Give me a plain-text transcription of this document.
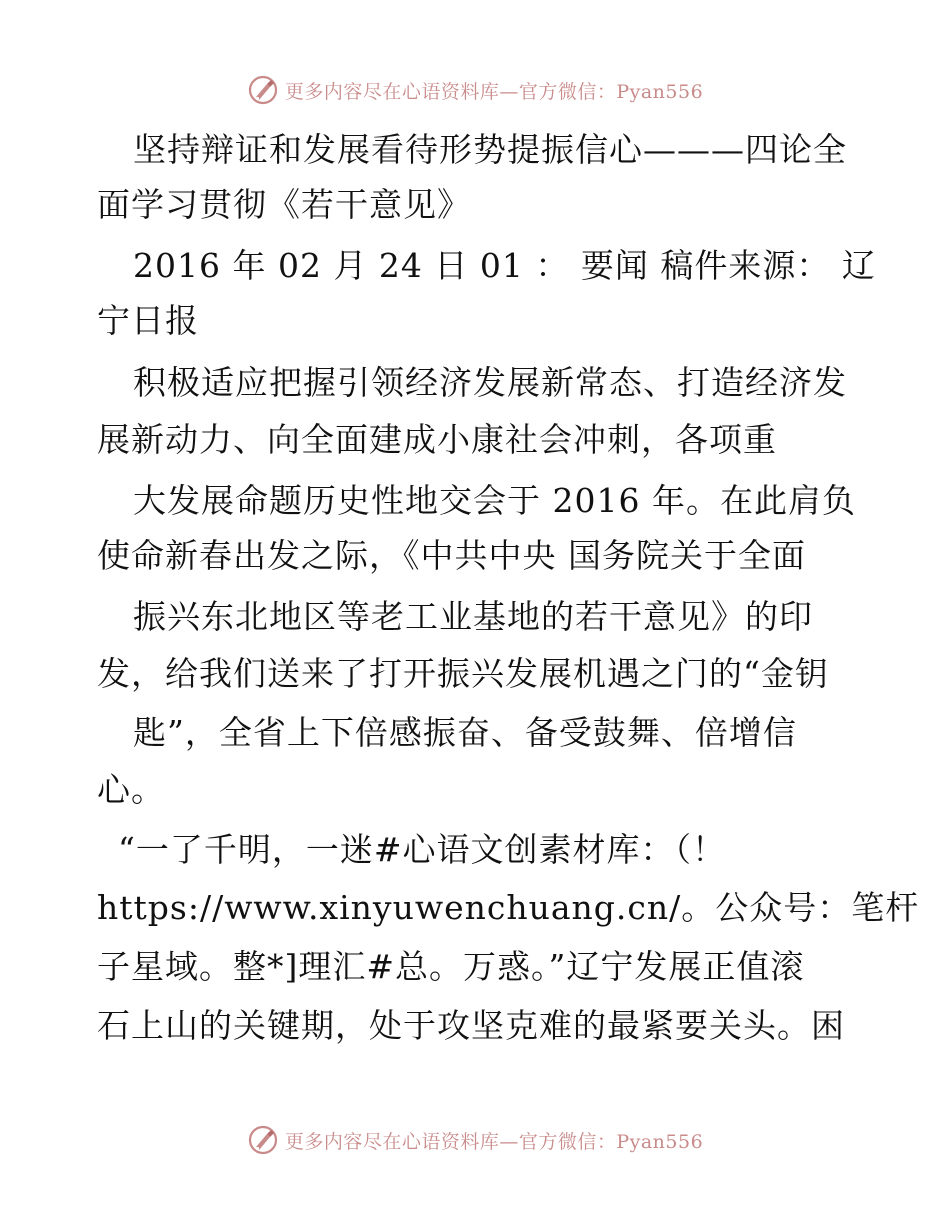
更多内容尽在心语资料库—官方微信：Pyan556
坚持辩证和发展看待形势提振信心———四论全
面学习贯彻《若干意见》
2016 年 02 月 24 日 01 ： 要闻 稿件来源： 辽
宁日报
积极适应把握引领经济发展新常态、打造经济发
展新动力、向全面建成小康社会冲刺，各项重
大发展命题历史性地交会于 2016 年。在此肩负
使命新春出发之际，《中共中央 国务院关于全面
振兴东北地区等老工业基地的若干意见》的印
发，给我们送来了打开振兴发展机遇之门的“金钥
匙”，全省上下倍感振奋、备受鼓舞、倍增信
心。
“一了千明，一迷#心语文创素材库：（！
https://www.xinyuwenchuang.cn/。公众号：笔杆
子星域。整*]理汇#总。万惑。”辽宁发展正值滚
石上山的关键期，处于攻坚克难的最紧要关头。困
更多内容尽在心语资料库—官方微信：Pyan556
